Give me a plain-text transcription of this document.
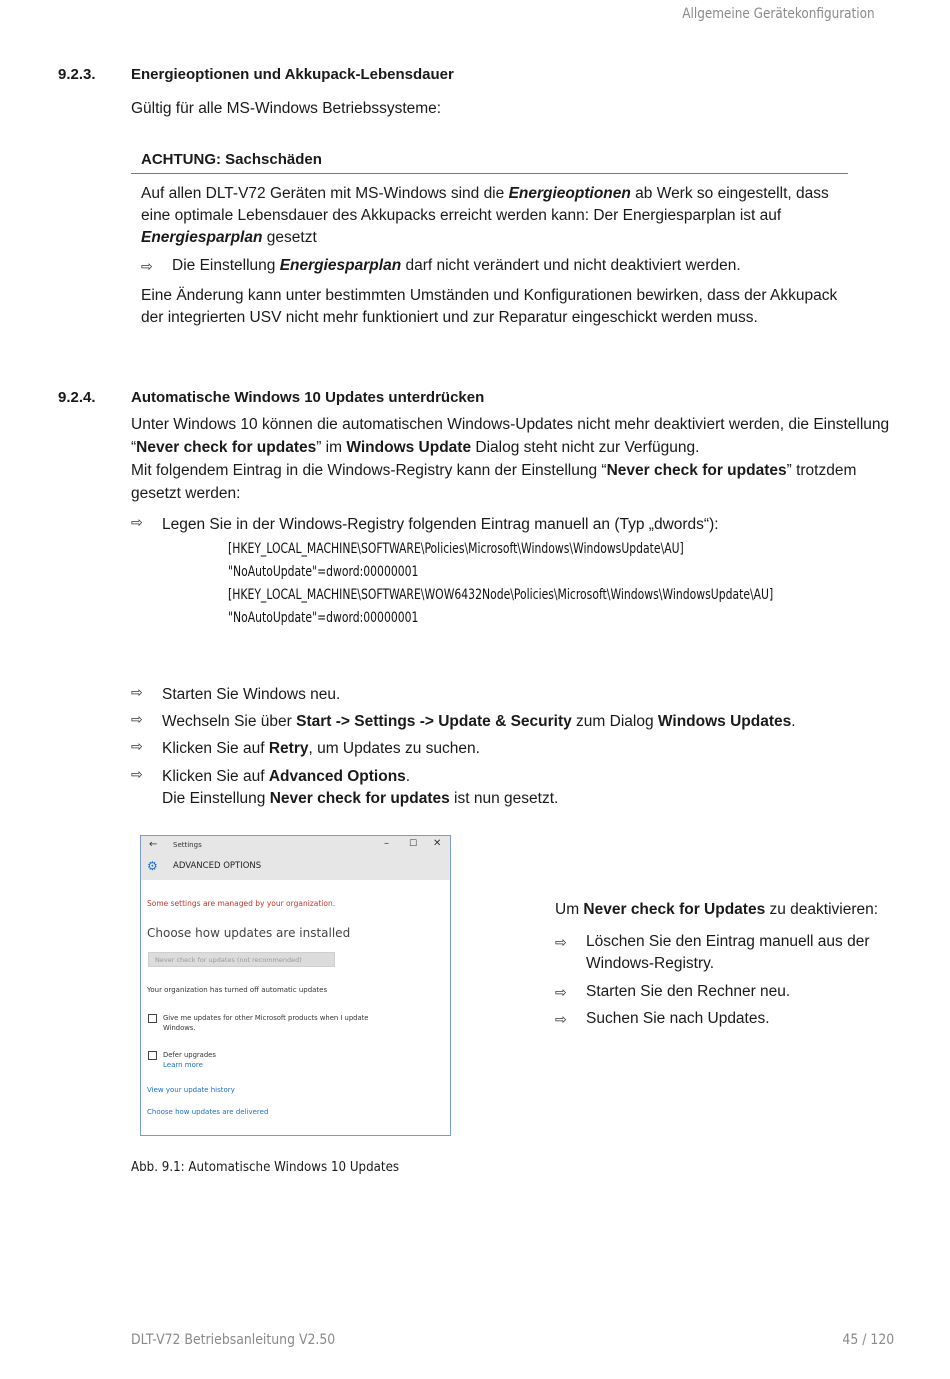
Allgemeine Gerätekonfiguration
9.2.3. Energieoptionen und Akkupack-Lebensdauer
Gültig für alle MS-Windows Betriebssysteme:
ACHTUNG: Sachschäden
Auf allen DLT-V72 Geräten mit MS-Windows sind die Energieoptionen ab Werk so eingestellt, dass
eine optimale Lebensdauer des Akkupacks erreicht werden kann: Der Energiesparplan ist auf
Energiesparplan gesetzt
⇨ Die Einstellung Energiesparplan darf nicht verändert und nicht deaktiviert werden.
Eine Änderung kann unter bestimmten Umständen und Konfigurationen bewirken, dass der Akkupack
der integrierten USV nicht mehr funktioniert und zur Reparatur eingeschickt werden muss.
9.2.4. Automatische Windows 10 Updates unterdrücken
Unter Windows 10 können die automatischen Windows-Updates nicht mehr deaktiviert werden, die Einstellung
“Never check for updates” im Windows Update Dialog steht nicht zur Verfügung.
Mit folgendem Eintrag in die Windows-Registry kann der Einstellung “Never check for updates” trotzdem
gesetzt werden:
⇨ Legen Sie in der Windows-Registry folgenden Eintrag manuell an (Typ „dwords“):
[HKEY_LOCAL_MACHINE\SOFTWARE\Policies\Microsoft\Windows\WindowsUpdate\AU]
"NoAutoUpdate"=dword:00000001
[HKEY_LOCAL_MACHINE\SOFTWARE\WOW6432Node\Policies\Microsoft\Windows\WindowsUpdate\AU]
"NoAutoUpdate"=dword:00000001
⇨ Starten Sie Windows neu.
⇨ Wechseln Sie über Start -> Settings -> Update & Security zum Dialog Windows Updates.
⇨ Klicken Sie auf Retry, um Updates zu suchen.
⇨ Klicken Sie auf Advanced Options.
Die Einstellung Never check for updates ist nun gesetzt.
← Settings	– ☐ ✕
⚙ ADVANCED OPTIONS
Some settings are managed by your organization.
Choose how updates are installed
Never check for updates (not recommended)
Your organization has turned off automatic updates
Give me updates for other Microsoft products when I update
Windows.
Defer upgrades
Learn more
View your update history
Choose how updates are delivered
Abb. 9.1: Automatische Windows 10 Updates
Um Never check for Updates zu deaktivieren:
⇨ Löschen Sie den Eintrag manuell aus der
Windows-Registry.
⇨ Starten Sie den Rechner neu.
⇨ Suchen Sie nach Updates.
DLT-V72 Betriebsanleitung V2.50	45 / 120
